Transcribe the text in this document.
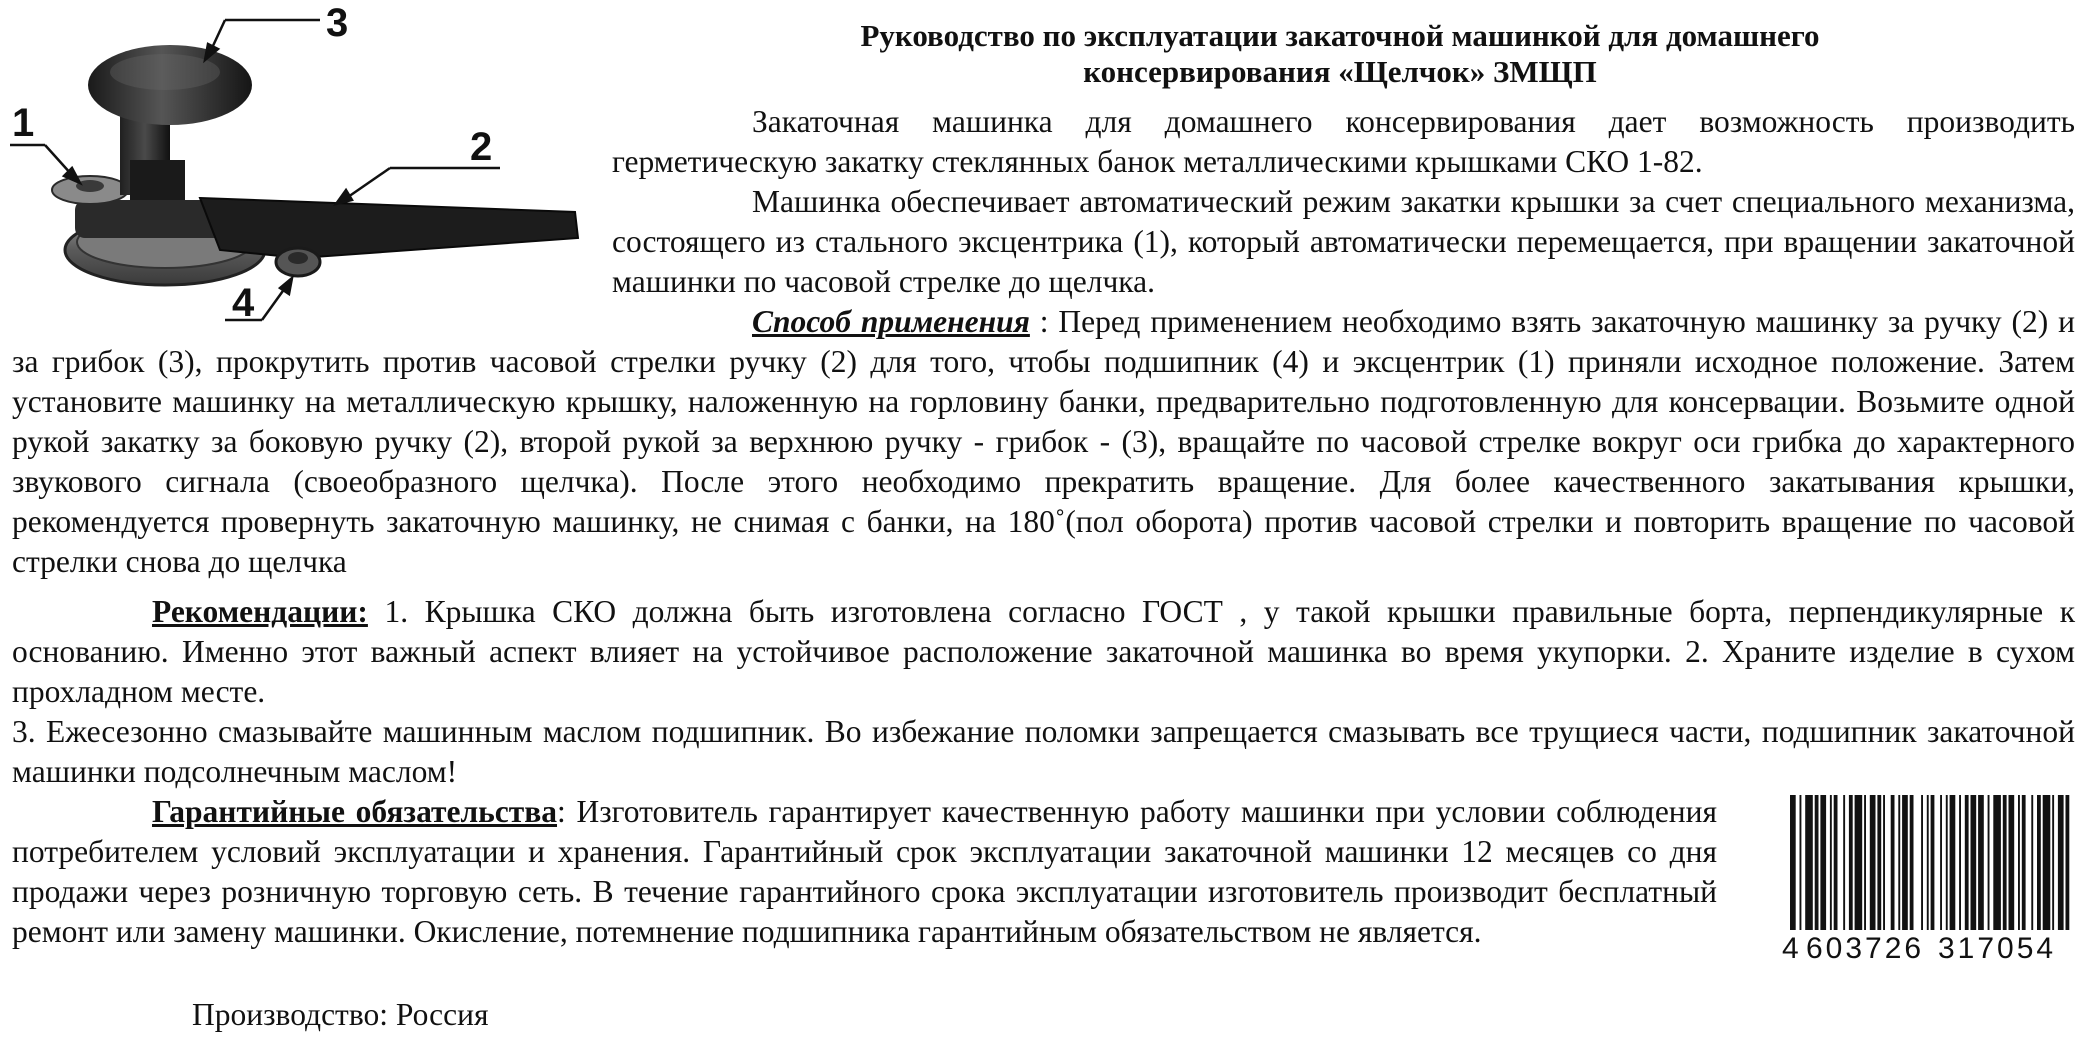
1
2
3
4
Руководство по эксплуатации закаточной машинкой для домашнего
консервирования «Щелчок» ЗМЩП

Закаточная машинка для домашнего консервирования дает возможность производить герметическую закатку стеклянных банок металлическими крышками СКО 1-82.

Машинка обеспечивает автоматический режим закатки крышки за счет специального механизма, состоящего из стального эксцентрика (1), который автоматически перемещается, при вращении закаточной машинки по часовой стрелке до щелчка.

Способ применения : Перед применением необходимо взять закаточную машинку за ручку (2) и за грибок (3), прокрутить против часовой стрелки ручку (2) для того, чтобы подшипник (4) и эксцентрик (1) приняли исходное положение. Затем установите машинку на металлическую крышку, наложенную на горловину банки, предварительно подготовленную для консервации. Возьмите одной рукой закатку за боковую ручку (2), второй рукой за верхнюю ручку - грибок - (3), вращайте по часовой стрелке вокруг оси грибка до характерного звукового сигнала (своеобразного щелчка). После этого необходимо прекратить вращение. Для более качественного закатывания крышки, рекомендуется провернуть закаточную машинку, не снимая с банки, на 180˚(пол оборота) против часовой стрелки и повторить вращение по часовой стрелки снова до щелчка

Рекомендации: 1. Крышка СКО должна быть изготовлена согласно ГОСТ , у такой крышки правильные борта, перпендикулярные к основанию. Именно этот важный аспект влияет на устойчивое расположение закаточной машинка во время укупорки. 2. Храните изделие в сухом прохладном месте.

3. Ежесезонно смазывайте машинным маслом подшипник. Во избежание поломки запрещается смазывать все трущиеся части, подшипник закаточной машинки подсолнечным маслом!

Гарантийные обязательства: Изготовитель гарантирует качественную работу машинки при условии соблюдения потребителем условий эксплуатации и хранения. Гарантийный срок эксплуатации закаточной машинки 12 месяцев со дня продажи через розничную торговую сеть. В течение гарантийного срока эксплуатации изготовитель производит бесплатный ремонт или замену машинки. Окисление, потемнение подшипника гарантийным обязательством не является.

Производство: Россия
4 603726 317054
